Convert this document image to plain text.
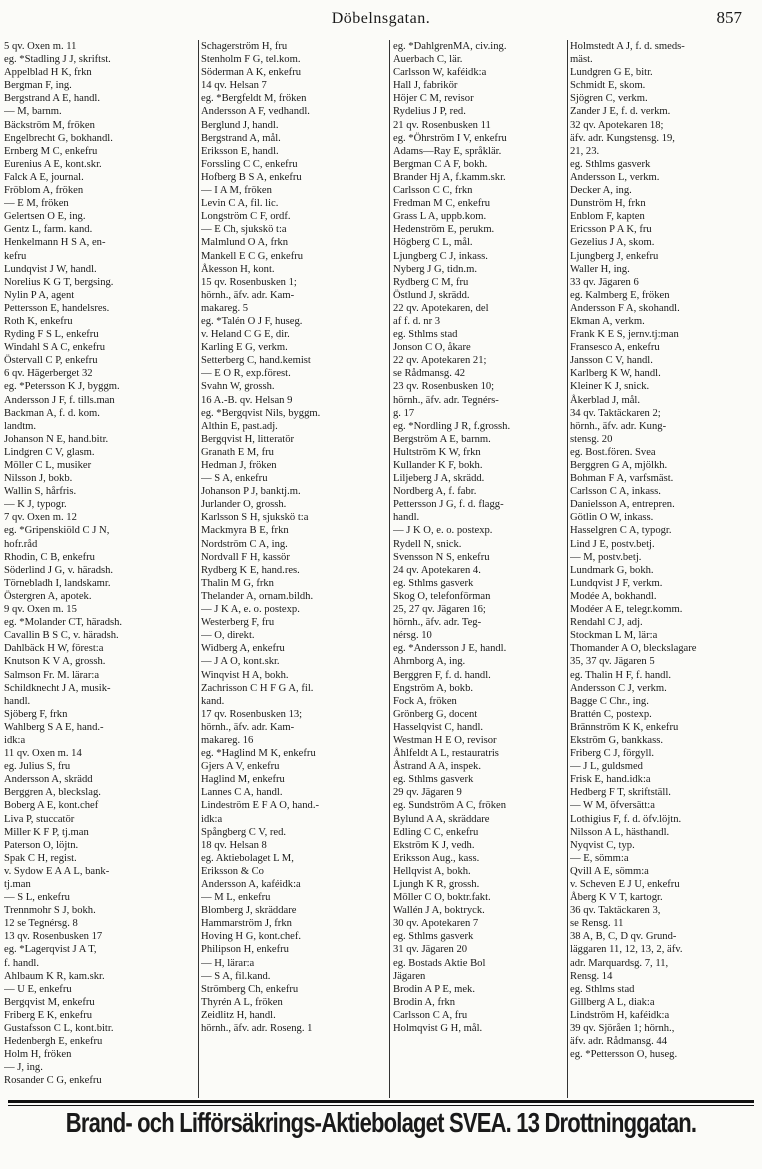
Döbelnsgatan.	857
5 qv. Oxen m. 11
eg. *Stadling J J, skriftst.
Appelblad H K, frkn
Bergman F, ing.
Bergstrand A E, handl.
— M, barnm.
Bäckström M, fröken
Engelbrecht G, bokhandl.
Ernberg M C, enkefru
Eurenius A E, kont.skr.
Falck A E, journal.
Fröblom A, fröken
— E M, fröken
Gelertsen O E, ing.
Gentz L, farm. kand.
Henkelmann H S A, en-
kefru
Lundqvist J W, handl.
Norelius K G T, bergsing.
Nylin P A, agent
Pettersson E, handelsres.
Roth K, enkefru
Ryding F S L, enkefru
Windahl S A C, enkefru
Östervall C P, enkefru
6 qv. Hägerberget 32
eg. *Petersson K J, byggm.
Andersson J F, f. tills.man
Backman A, f. d. kom.
landtm.
Johanson N E, hand.bitr.
Lindgren C V, glasm.
Möller C L, musiker
Nilsson J, bokb.
Wallin S, hårfris.
— K J, typogr.
7 qv. Oxen m. 12
eg. *Gripenskiöld C J N,
hofr.råd
Rhodin, C B, enkefru
Söderlind J G, v. häradsh.
Törnebladh I, landskamr.
Östergren A, apotek.
9 qv. Oxen m. 15
eg. *Molander CT, häradsh.
Cavallin B S C, v. häradsh.
Dahlbäck H W, förest:a
Knutson K V A, grossh.
Salmson Fr. M. lärar:a
Schildknecht J A, musik-
handl.
Sjöberg F, frkn
Wahlberg S A E, hand.-
idk:a
11 qv. Oxen m. 14
eg. Julius S, fru
Andersson A, skrädd
Berggren A, bleckslag.
Boberg A E, kont.chef
Liva P, stuccatör
Miller K F P, tj.man
Paterson O, löjtn.
Spak C H, regist.
v. Sydow E A A L, bank-
tj.man
— S L, enkefru
Trennmohr S J, bokh.
12 se Tegnérsg. 8
13 qv. Rosenbusken 17
eg. *Lagerqvist J A T,
f. handl.
Ahlbaum K R, kam.skr.
— U E, enkefru
Bergqvist M, enkefru
Friberg E K, enkefru
Gustafsson C L, kont.bitr.
Hedenbergh E, enkefru
Holm H, fröken
— J, ing.
Rosander C G, enkefru
Schagerström H, fru
Stenholm F G, tel.kom.
Söderman A K, enkefru
14 qv. Helsan 7
eg. *Bergfeldt M, fröken
Andersson A F, vedhandl.
Berglund J, handl.
Bergstrand A, mål.
Eriksson E, handl.
Forssling C C, enkefru
Hofberg B S A, enkefru
— I A M, fröken
Levin C A, fil. lic.
Longström C F, ordf.
— E Ch, sjukskö t:a
Malmlund O A, frkn
Mankell E C G, enkefru
Åkesson H, kont.
15 qv. Rosenbusken 1;
hörnh., äfv. adr. Kam-
makareg. 5
eg. *Talén O J F, huseg.
v. Heland C G E, dir.
Karling E G, verkm.
Setterberg C, hand.kemist
— E O R, exp.förest.
Svahn W, grossh.
16 A.-B. qv. Helsan 9
eg. *Bergqvist Nils, byggm.
Althin E, past.adj.
Bergqvist H, litteratör
Granath E M, fru
Hedman J, fröken
— S A, enkefru
Johanson P J, banktj.m.
Jurlander O, grossh.
Karlsson S H, sjukskö t:a
Mackmyra B E, frkn
Nordström C A, ing.
Nordvall F H, kassör
Rydberg K E, hand.res.
Thalin M G, frkn
Thelander A, ornam.bildh.
— J K A, e. o. postexp.
Westerberg F, fru
— O, direkt.
Widberg A, enkefru
— J A O, kont.skr.
Winqvist H A, bokh.
Zachrisson C H F G A, fil.
kand.
17 qv. Rosenbusken 13;
hörnh., äfv. adr. Kam-
makareg. 16
eg. *Haglind M K, enkefru
Gjers A V, enkefru
Haglind M, enkefru
Lannes C A, handl.
Lindeström E F A O, hand.-
idk:a
Spångberg C V, red.
18 qv. Helsan 8
eg. Aktiebolaget L M,
Eriksson & Co
Andersson A, kaféidk:a
— M L, enkefru
Blomberg J, skräddare
Hammarström J, frkn
Hoving H G, kont.chef.
Philipson H, enkefru
— H, lärar:a
— S A, fil.kand.
Strömberg Ch, enkefru
Thyrén A L, fröken
Zeidlitz H, handl.
hörnh., äfv. adr. Roseng. 1
eg. *DahlgrenMA, civ.ing.
Auerbach C, lär.
Carlsson W, kaféidk:a
Hall J, fabrikör
Höjer C M, revisor
Rydelius J P, red.
21 qv. Rosenbusken 11
eg. *Öhrström I V, enkefru
Adams—Ray E, språklär.
Bergman C A F, bokh.
Brander Hj A, f.kamm.skr.
Carlsson C C, frkn
Fredman M C, enkefru
Grass L A, uppb.kom.
Hedenström E, perukm.
Högberg C L, mål.
Ljungberg C J, inkass.
Nyberg J G, tidn.m.
Rydberg C M, fru
Östlund J, skrädd.
22 qv. Apotekaren, del
af f. d. nr 3
eg. Sthlms stad
Jonson C O, åkare
22 qv. Apotekaren 21;
se Rådmansg. 42
23 qv. Rosenbusken 10;
hörnh., äfv. adr. Tegnérs-
g. 17
eg. *Nordling J R, f.grossh.
Bergström A E, barnm.
Hultström K W, frkn
Kullander K F, bokh.
Liljeberg J A, skrädd.
Nordberg A, f. fabr.
Pettersson J G, f. d. flagg-
handl.
— J K O, e. o. postexp.
Rydell N, snick.
Svensson N S, enkefru
24 qv. Apotekaren 4.
eg. Sthlms gasverk
Skog O, telefonförman
25, 27 qv. Jägaren 16;
hörnh., äfv. adr. Teg-
nérsg. 10
eg. *Andersson J E, handl.
Ahrnborg A, ing.
Berggren F, f. d. handl.
Engström A, bokb.
Fock A, fröken
Grönberg G, docent
Hasselqvist C, handl.
Westman H E O, revisor
Åhlfeldt A L, restauratris
Åstrand A A, inspek.
eg. Sthlms gasverk
29 qv. Jägaren 9
eg. Sundström A C, fröken
Bylund A A, skräddare
Edling C C, enkefru
Ekström K J, vedh.
Eriksson Aug., kass.
Hellqvist A, bokh.
Ljungh K R, grossh.
Möller C O, boktr.fakt.
Wallén J A, boktryck.
30 qv. Apotekaren 7
eg. Sthlms gasverk
31 qv. Jägaren 20
eg. Bostads Aktie Bol
Jägaren
Brodin A P E, mek.
Brodin A, frkn
Carlsson C A, fru
Holmqvist G H, mål.
Holmstedt A J, f. d. smeds-
mäst.
Lundgren G E, bitr.
Schmidt E, skom.
Sjögren C, verkm.
Zander J E, f. d. verkm.
32 qv. Apotekaren 18;
äfv. adr. Kungstensg. 19,
21, 23.
eg. Sthlms gasverk
Andersson L, verkm.
Decker A, ing.
Dunström H, frkn
Enblom F, kapten
Ericsson P A K, fru
Gezelius J A, skom.
Ljungberg J, enkefru
Waller H, ing.
33 qv. Jägaren 6
eg. Kalmberg E, fröken
Andersson F A, skohandl.
Ekman A, verkm.
Frank K E S, jernv.tj:man
Fransesco A, enkefru
Jansson C V, handl.
Karlberg K W, handl.
Kleiner K J, snick.
Åkerblad J, mål.
34 qv. Taktäckaren 2;
hörnh., äfv. adr. Kung-
stensg. 20
eg. Bost.fören. Svea
Berggren G A, mjölkh.
Bohman F A, varfsmäst.
Carlsson C A, inkass.
Danielsson A, entrepren.
Götlin O W, inkass.
Hasselgren C A, typogr.
Lind J E, postv.betj.
— M, postv.betj.
Lundmark G, bokh.
Lundqvist J F, verkm.
Modée A, bokhandl.
Modéer A E, telegr.komm.
Rendahl C J, adj.
Stockman L M, lär:a
Thomander A O, bleckslagare
35, 37 qv. Jägaren 5
eg. Thalin H F, f. handl.
Andersson C J, verkm.
Bagge C Chr., ing.
Brattén C, postexp.
Brännström K K, enkefru
Ekström G, bankkass.
Friberg C J, förgyll.
— J L, guldsmed
Frisk E, hand.idk:a
Hedberg F T, skriftställ.
— W M, öfversätt:a
Lothigius F, f. d. öfv.löjtn.
Nilsson A L, hästhandl.
Nyqvist C, typ.
— E, sömm:a
Qvill A E, sömm:a
v. Scheven E J U, enkefru
Åberg K V T, kartogr.
36 qv. Taktäckaren 3,
se Rensg. 11
38 A, B, C, D qv. Grund-
läggaren 11, 12, 13, 2, äfv.
adr. Marquardsg. 7, 11,
Rensg. 14
eg. Sthlms stad
Gillberg A L, diak:a
Lindström H, kaféidk:a
39 qv. Sjöråen 1; hörnh.,
äfv. adr. Rådmansg. 44
eg. *Pettersson O, huseg.
Brand- och Lifförsäkrings-Aktiebolaget SVEA. 13 Drottninggatan.
